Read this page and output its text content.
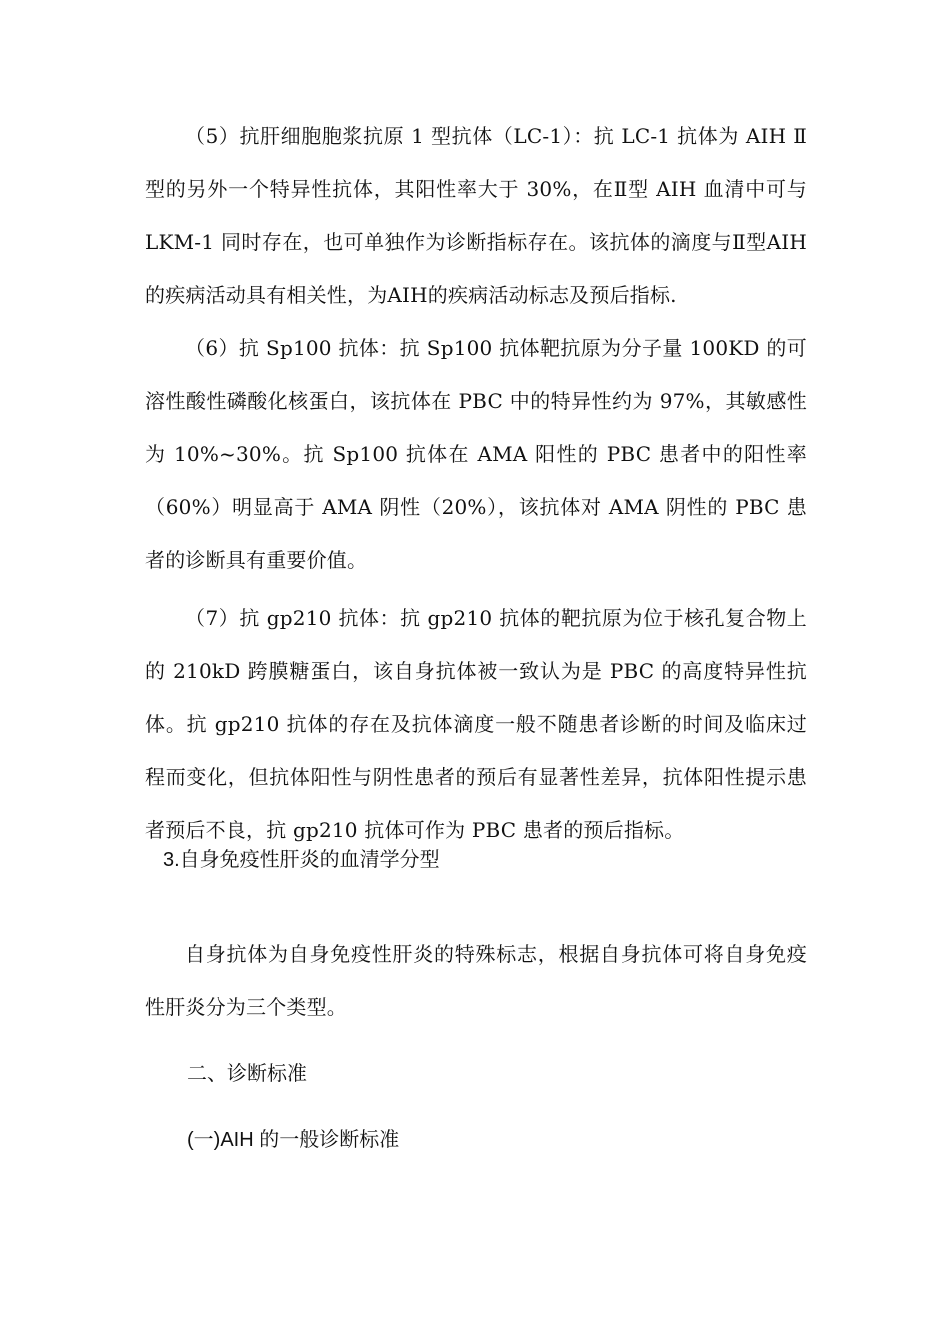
（5）抗肝细胞胞浆抗原 1 型抗体（LC-1）：抗 LC-1 抗体为 AIH Ⅱ型的另外一个特异性抗体，其阳性率大于 30%，在Ⅱ型 AIH 血清中可与 LKM-1 同时存在，也可单独作为诊断指标存在。该抗体的滴度与Ⅱ型AIH的疾病活动具有相关性，为AIH的疾病活动标志及预后指标.

（6）抗 Sp100 抗体：抗 Sp100 抗体靶抗原为分子量 100KD 的可溶性酸性磷酸化核蛋白，该抗体在 PBC 中的特异性约为 97%，其敏感性为 10%~30%。抗 Sp100 抗体在 AMA 阳性的 PBC 患者中的阳性率（60%）明显高于 AMA 阴性（20%），该抗体对 AMA 阴性的 PBC 患者的诊断具有重要价值。

（7）抗 gp210 抗体：抗 gp210 抗体的靶抗原为位于核孔复合物上的 210kD 跨膜糖蛋白，该自身抗体被一致认为是 PBC 的高度特异性抗体。抗 gp210 抗体的存在及抗体滴度一般不随患者诊断的时间及临床过程而变化，但抗体阳性与阴性患者的预后有显著性差异，抗体阳性提示患者预后不良，抗 gp210 抗体可作为 PBC 患者的预后指标。

3.自身免疫性肝炎的血清学分型

自身抗体为自身免疫性肝炎的特殊标志，根据自身抗体可将自身免疫性肝炎分为三个类型。

二、诊断标准
(一)AIH 的一般诊断标准
